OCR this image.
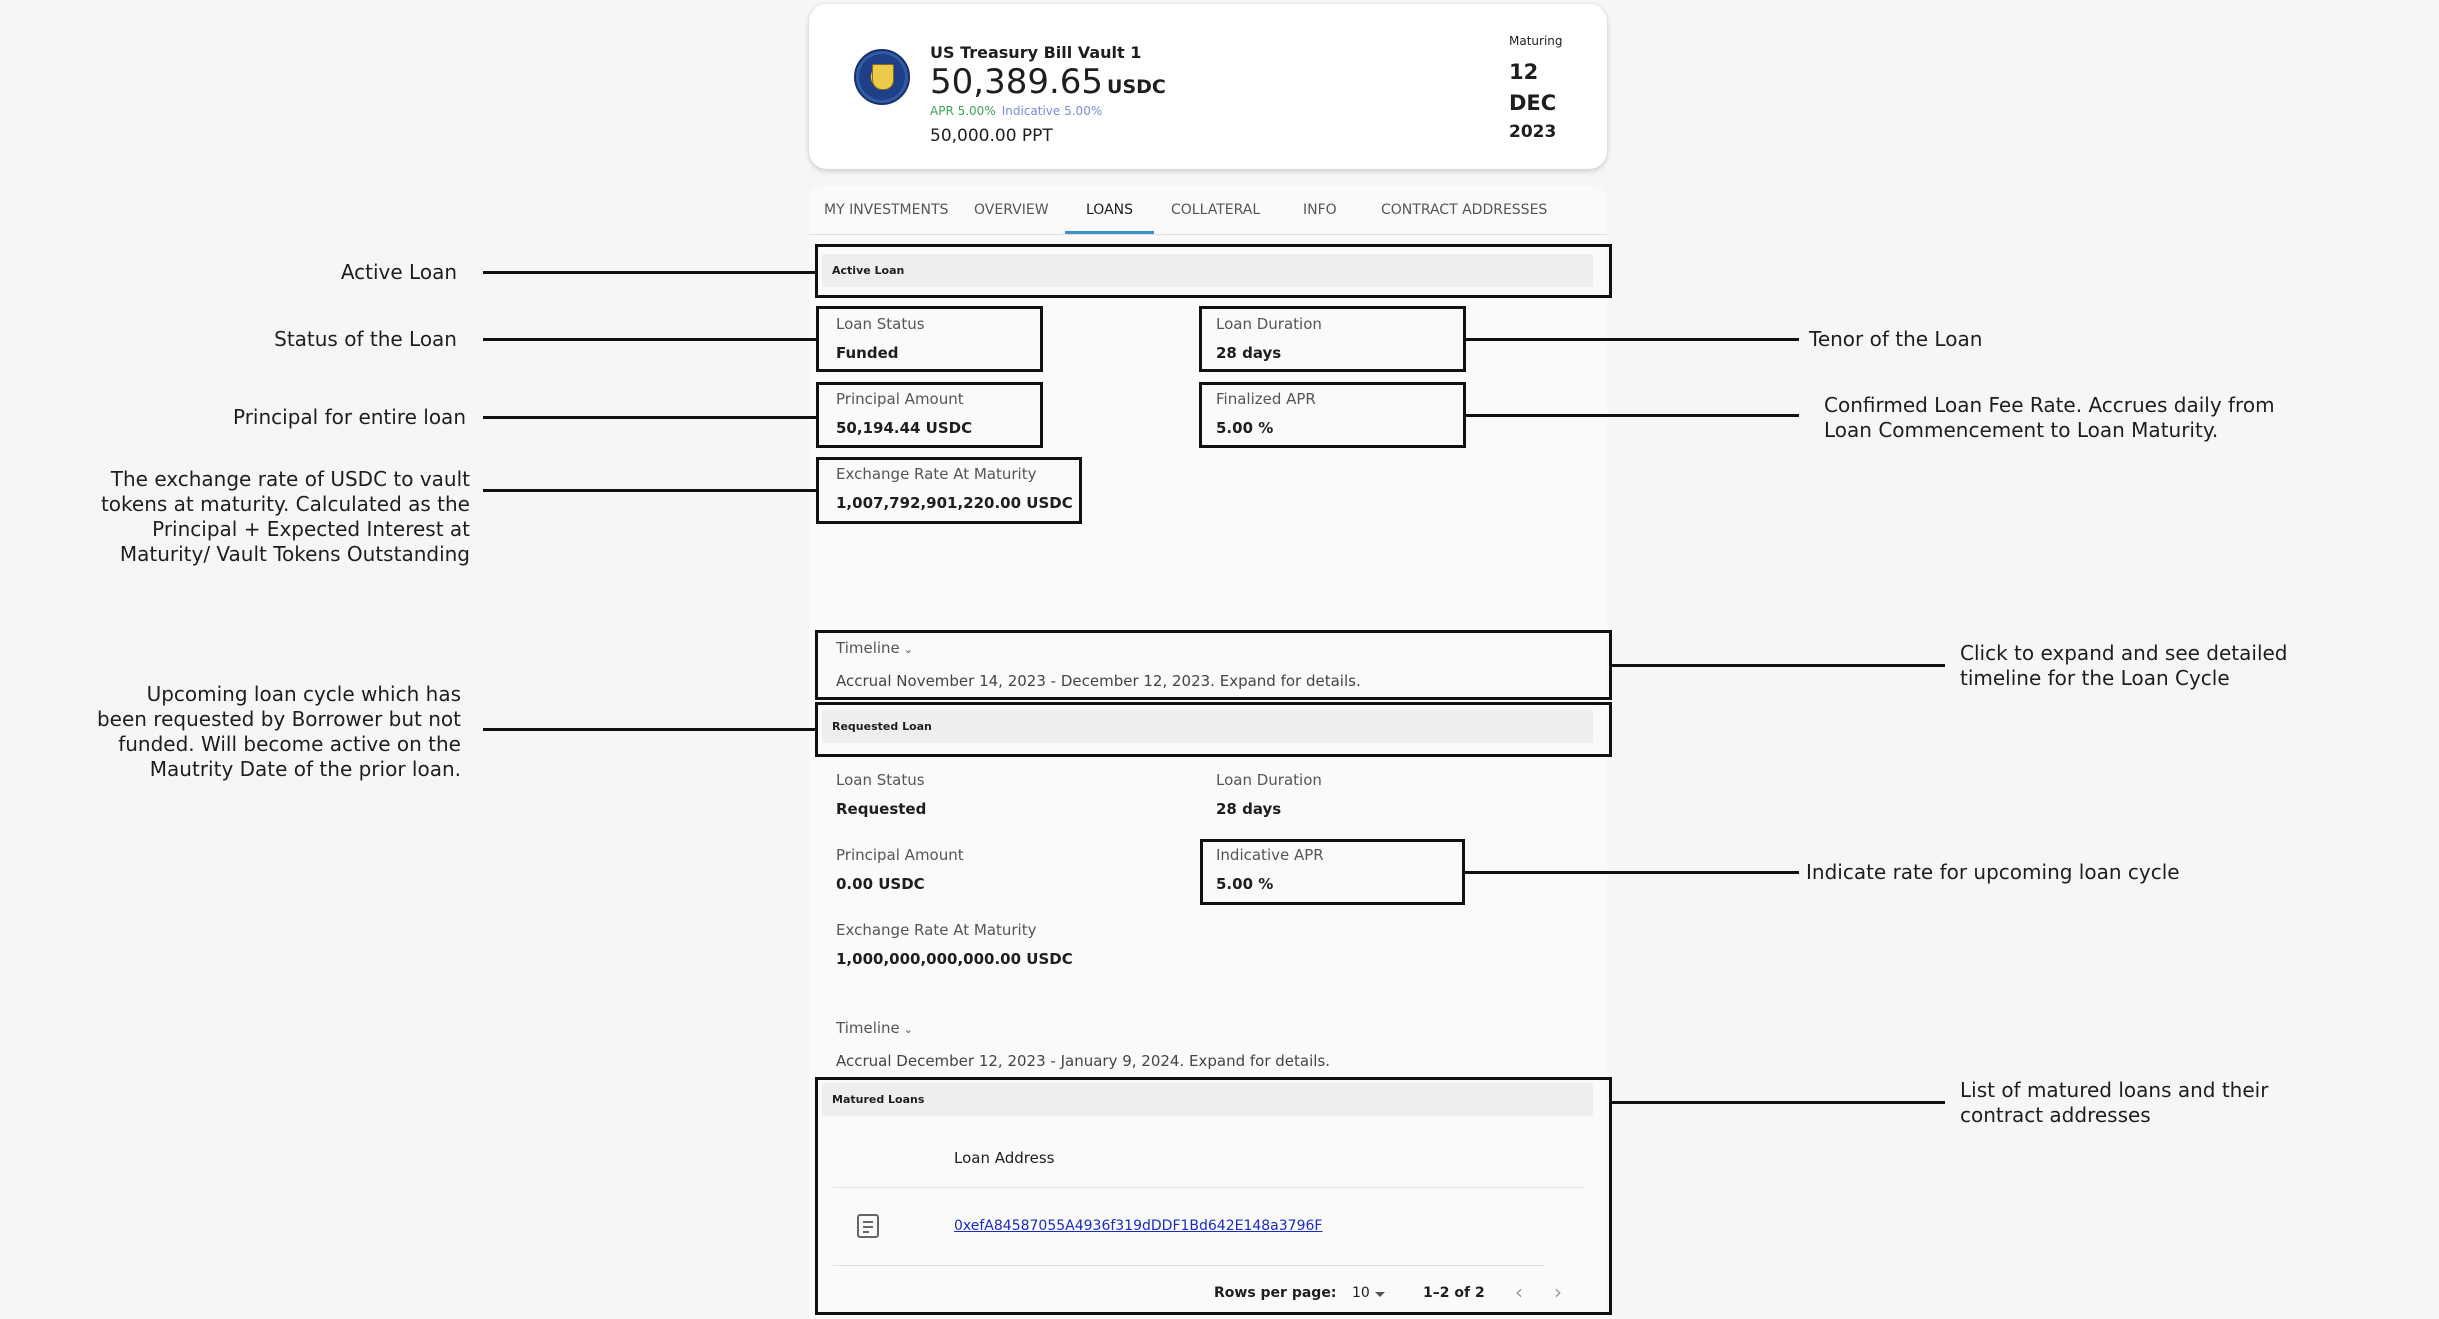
US Treasury Bill Vault 1
50,389.65 USDC
APR 5.00% Indicative 5.00%
50,000.00 PPT
Maturing
12
DEC
2023
MY INVESTMENTS OVERVIEW	LOANS	COLLATERAL	INFO	CONTRACT ADDRESSES
Active Loan
Loan Status
Funded
Loan Duration
28 days
Principal Amount
50,194.44 USDC
Finalized APR
5.00 %
Exchange Rate At Maturity
1,007,792,901,220.00 USDC
Timeline ⌄
Accrual November 14, 2023 - December 12, 2023. Expand for details.
Requested Loan
Loan Status
Requested
Loan Duration
28 days
Principal Amount
0.00 USDC
Indicative APR
5.00 %
Exchange Rate At Maturity
1,000,000,000,000.00 USDC
Timeline ⌄
Accrual December 12, 2023 - January 9, 2024. Expand for details.
Matured Loans
Loan Address
0xefA84587055A4936f319dDDF1Bd642E148a3796F
Rows per page: 10	1–2 of 2 ‹ ›
Active Loan
Status of the Loan
Principal for entire loan
The exchange rate of USDC to vault
tokens at maturity. Calculated as the
Principal + Expected Interest at
Maturity/ Vault Tokens Outstanding
Upcoming loan cycle which has
been requested by Borrower but not
funded. Will become active on the
Mautrity Date of the prior loan.
Tenor of the Loan
Confirmed Loan Fee Rate. Accrues daily from
Loan Commencement to Loan Maturity.
Click to expand and see detailed
timeline for the Loan Cycle
Indicate rate for upcoming loan cycle
List of matured loans and their
contract addresses
